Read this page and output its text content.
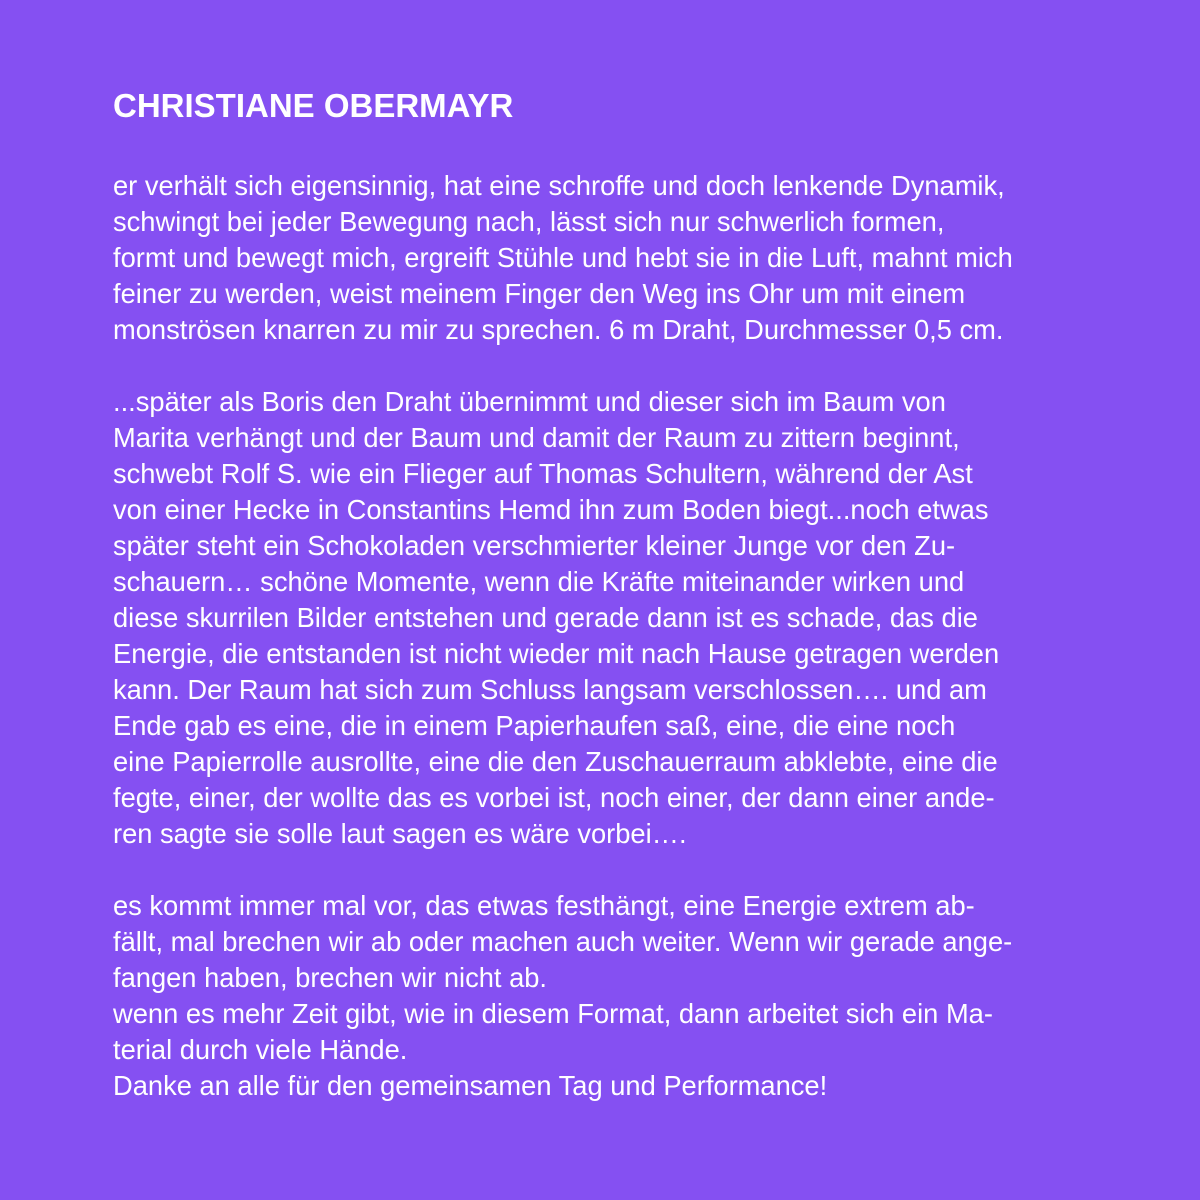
CHRISTIANE OBERMAYR
er verhält sich eigensinnig, hat eine schroffe und doch lenkende Dynamik,
schwingt bei jeder Bewegung nach, lässt sich nur schwerlich formen,
formt und bewegt mich, ergreift Stühle und hebt sie in die Luft, mahnt mich
feiner zu werden, weist meinem Finger den Weg ins Ohr um mit einem
monströsen knarren zu mir zu sprechen. 6 m Draht, Durchmesser 0,5 cm.
...später als Boris den Draht übernimmt und dieser sich im Baum von
Marita verhängt und der Baum und damit der Raum zu zittern beginnt,
schwebt Rolf S. wie ein Flieger auf Thomas Schultern, während der Ast
von einer Hecke in Constantins Hemd ihn zum Boden biegt...noch etwas
später steht ein Schokoladen verschmierter kleiner Junge vor den Zu-
schauern… schöne Momente, wenn die Kräfte miteinander wirken und
diese skurrilen Bilder entstehen und gerade dann ist es schade, das die
Energie, die entstanden ist nicht wieder mit nach Hause getragen werden
kann. Der Raum hat sich zum Schluss langsam verschlossen…. und am
Ende gab es eine, die in einem Papierhaufen saß, eine, die eine noch
eine Papierrolle ausrollte, eine die den Zuschauerraum abklebte, eine die
fegte, einer, der wollte das es vorbei ist, noch einer, der dann einer ande-
ren sagte sie solle laut sagen es wäre vorbei….
es kommt immer mal vor, das etwas festhängt, eine Energie extrem ab-
fällt, mal brechen wir ab oder machen auch weiter. Wenn wir gerade ange-
fangen haben, brechen wir nicht ab.
wenn es mehr Zeit gibt, wie in diesem Format, dann arbeitet sich ein Ma-
terial durch viele Hände.
Danke an alle für den gemeinsamen Tag und Performance!
